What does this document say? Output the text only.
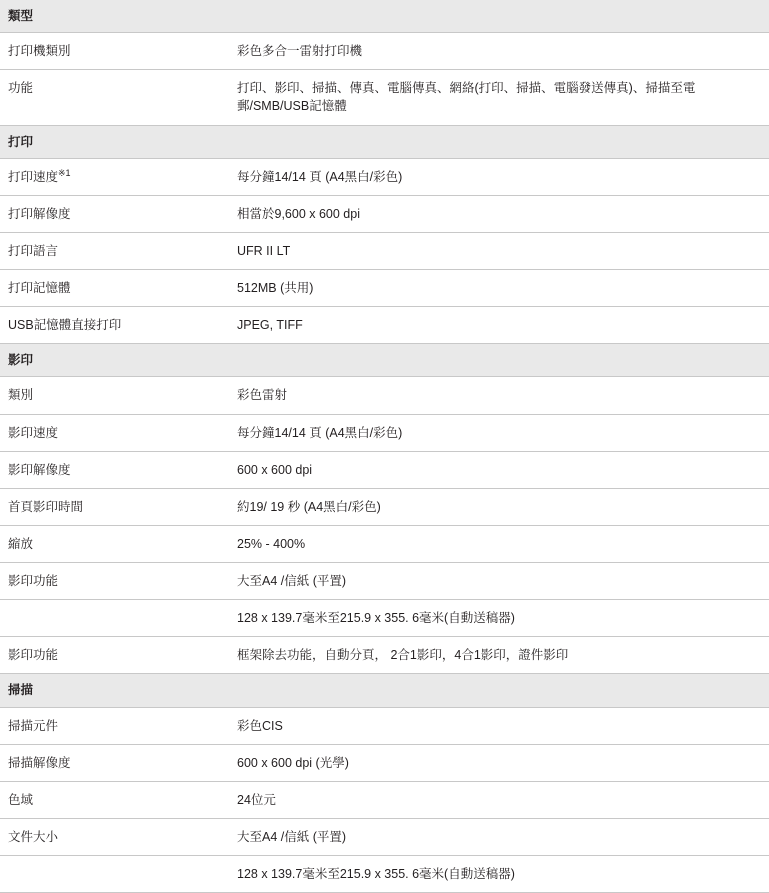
類型	
打印機類別	彩色多合一雷射打印機
功能	打印、影印、掃描、傳真、電腦傳真、網絡(打印、掃描、電腦發送傳真)、掃描至電郵/SMB/USB記憶體
打印	
打印速度$^{※1}$	每分鐘14/14 頁 (A4黑白/彩色)
打印解像度	相當於9,600 x 600 dpi
打印語言	UFR II LT
打印記憶體	512MB (共用)
USB記憶體直接打印	JPEG, TIFF
影印	
類別	彩色雷射
影印速度	每分鐘14/14 頁 (A4黑白/彩色)
影印解像度	600 x 600 dpi
首頁影印時間	約19/ 19 秒 (A4黑白/彩色)
縮放	25% - 400%
影印功能	大至A4 /信紙 (平置)
	128 x 139.7毫米至215.9 x 355. 6毫米(自動送稿器)
影印功能	框架除去功能，自動分頁， 2合1影印，4合1影印，證件影印
掃描	
掃描元件	彩色CIS
掃描解像度	600 x 600 dpi (光學)
色域	24位元
文件大小	大至A4 /信紙 (平置)
	128 x 139.7毫米至215.9 x 355. 6毫米(自動送稿器)
